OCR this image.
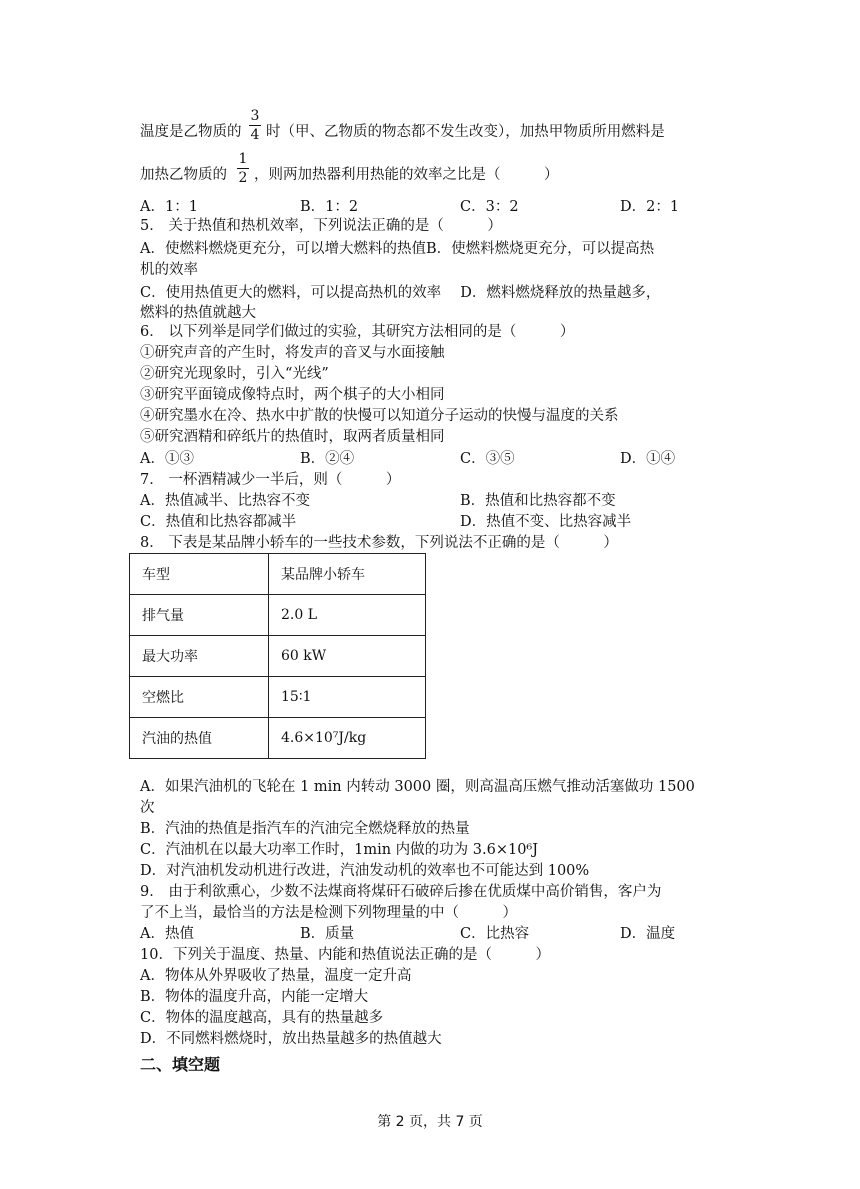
温度是乙物质的
3
4 时（甲、乙物质的物态都不发生改变），加热甲物质所用燃料是
加热乙物质的
1
2 ，则两加热器利用热能的效率之比是（　　　）
A．1：1	B．1：2	C．3：2	D．2：1
5． 关于热值和热机效率，下列说法正确的是（　　　）
A．使燃料燃烧更充分，可以增大燃料的热值B．使燃料燃烧更充分，可以提高热
机的效率
C．使用热值更大的燃料，可以提高热机的效率　 D．燃料燃烧释放的热量越多，
燃料的热值就越大
6． 以下列举是同学们做过的实验，其研究方法相同的是（　　　）
①研究声音的产生时，将发声的音叉与水面接触
②研究光现象时，引入“光线”
③研究平面镜成像特点时，两个棋子的大小相同
④研究墨水在冷、热水中扩散的快慢可以知道分子运动的快慢与温度的关系
⑤研究酒精和碎纸片的热值时，取两者质量相同
A．①③	B．②④	C．③⑤	D．①④
7． 一杯酒精减少一半后，则（　　　）
A．热值减半、比热容不变	B．热值和比热容都不变
C．热值和比热容都减半	D．热值不变、比热容减半
8． 下表是某品牌小轿车的一些技术参数，下列说法不正确的是（　　　）
车型	某品牌小轿车
排气量	2.0 L
最大功率	60 kW
空燃比	15∶1
汽油的热值	4.6×10⁷J/kg
A．如果汽油机的飞轮在 1 min 内转动 3000 圈，则高温高压燃气推动活塞做功 1500
次
B．汽油的热值是指汽车的汽油完全燃烧释放的热量
C．汽油机在以最大功率工作时，1min 内做的功为 3.6×10⁶J
D．对汽油机发动机进行改进，汽油发动机的效率也不可能达到 100%
9． 由于利欲熏心，少数不法煤商将煤矸石破碎后掺在优质煤中高价销售，客户为
了不上当，最恰当的方法是检测下列物理量的中（　　　）
A．热值	B．质量	C．比热容	D．温度
10．下列关于温度、热量、内能和热值说法正确的是（　　　）
A．物体从外界吸收了热量，温度一定升高
B．物体的温度升高，内能一定增大
C．物体的温度越高，具有的热量越多
D．不同燃料燃烧时，放出热量越多的热值越大
二、填空题
第 2 页，共 7 页
